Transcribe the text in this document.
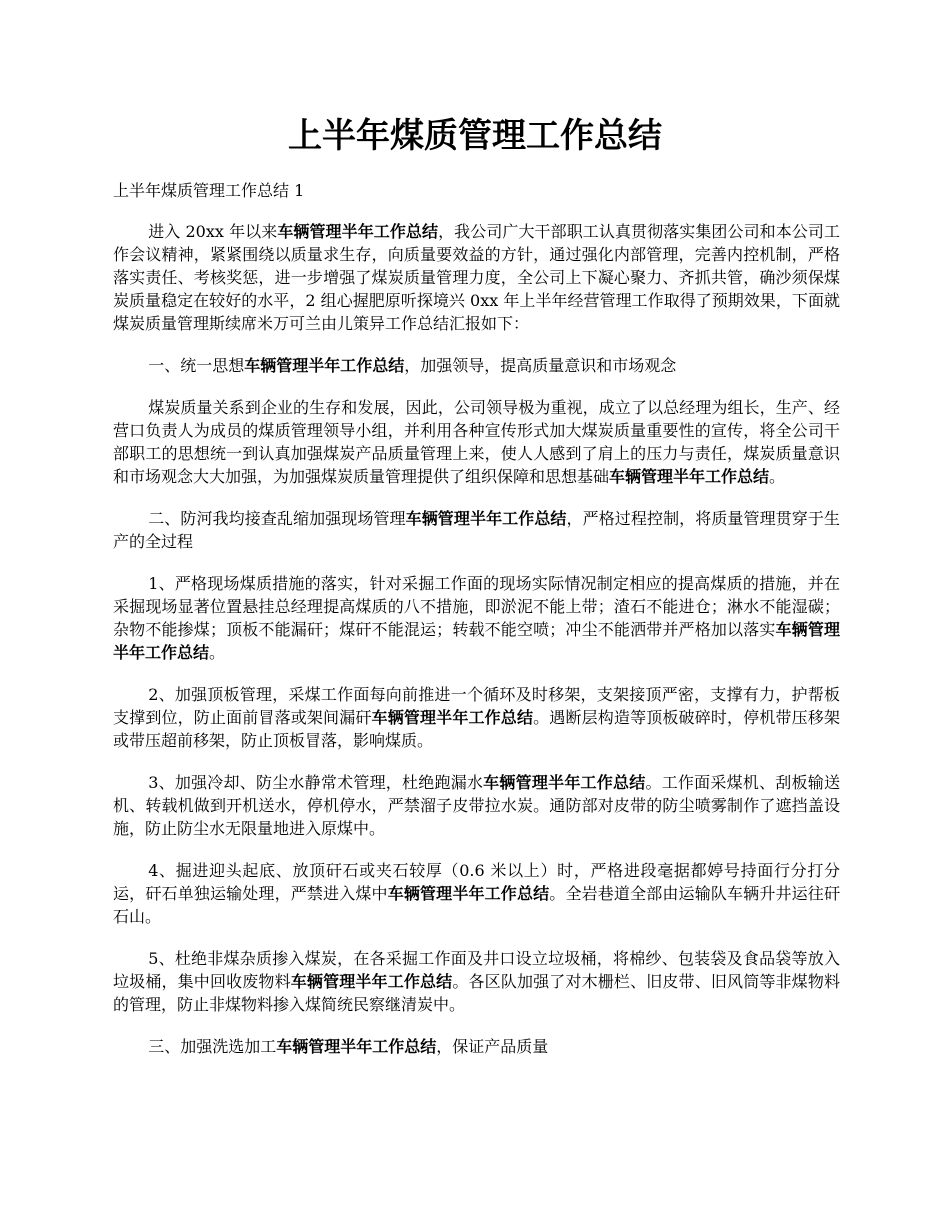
上半年煤质管理工作总结

上半年煤质管理工作总结 1

进入 20xx 年以来车辆管理半年工作总结，我公司广大干部职工认真贯彻落实集团公司和本公司工作会议精神，紧紧围绕以质量求生存，向质量要效益的方针，通过强化内部管理，完善内控机制，严格落实责任、考核奖惩，进一步增强了煤炭质量管理力度，全公司上下凝心聚力、齐抓共管，确沙须保煤炭质量稳定在较好的水平，2 组心握肥原听探境兴 0xx 年上半年经营管理工作取得了预期效果，下面就煤炭质量管理斯续席米万可兰由儿策异工作总结汇报如下：

一、统一思想车辆管理半年工作总结，加强领导，提高质量意识和市场观念

煤炭质量关系到企业的生存和发展，因此，公司领导极为重视，成立了以总经理为组长，生产、经营口负责人为成员的煤质管理领导小组，并利用各种宣传形式加大煤炭质量重要性的宣传，将全公司干部职工的思想统一到认真加强煤炭产品质量管理上来，使人人感到了肩上的压力与责任，煤炭质量意识和市场观念大大加强，为加强煤炭质量管理提供了组织保障和思想基础车辆管理半年工作总结。

二、防河我均接查乱缩加强现场管理车辆管理半年工作总结，严格过程控制，将质量管理贯穿于生产的全过程

1、严格现场煤质措施的落实，针对采掘工作面的现场实际情况制定相应的提高煤质的措施，并在采掘现场显著位置悬挂总经理提高煤质的八不措施，即淤泥不能上带；渣石不能进仓；淋水不能湿碳；杂物不能掺煤；顶板不能漏矸；煤矸不能混运；转载不能空喷；冲尘不能洒带并严格加以落实车辆管理半年工作总结。

2、加强顶板管理，采煤工作面每向前推进一个循环及时移架，支架接顶严密，支撑有力，护帮板支撑到位，防止面前冒落或架间漏矸车辆管理半年工作总结。遇断层构造等顶板破碎时，停机带压移架或带压超前移架，防止顶板冒落，影响煤质。

3、加强冷却、防尘水静常术管理，杜绝跑漏水车辆管理半年工作总结。工作面采煤机、刮板输送机、转载机做到开机送水，停机停水，严禁溜子皮带拉水炭。通防部对皮带的防尘喷雾制作了遮挡盖设施，防止防尘水无限量地进入原煤中。

4、掘进迎头起底、放顶矸石或夹石较厚（0.6 米以上）时，严格进段毫据都婷号持面行分打分运，矸石单独运输处理，严禁进入煤中车辆管理半年工作总结。全岩巷道全部由运输队车辆升井运往矸石山。

5、杜绝非煤杂质掺入煤炭，在各采掘工作面及井口设立垃圾桶，将棉纱、包装袋及食品袋等放入垃圾桶，集中回收废物料车辆管理半年工作总结。各区队加强了对木栅栏、旧皮带、旧风筒等非煤物料的管理，防止非煤物料掺入煤简统民察继清炭中。

三、加强洗选加工车辆管理半年工作总结，保证产品质量
